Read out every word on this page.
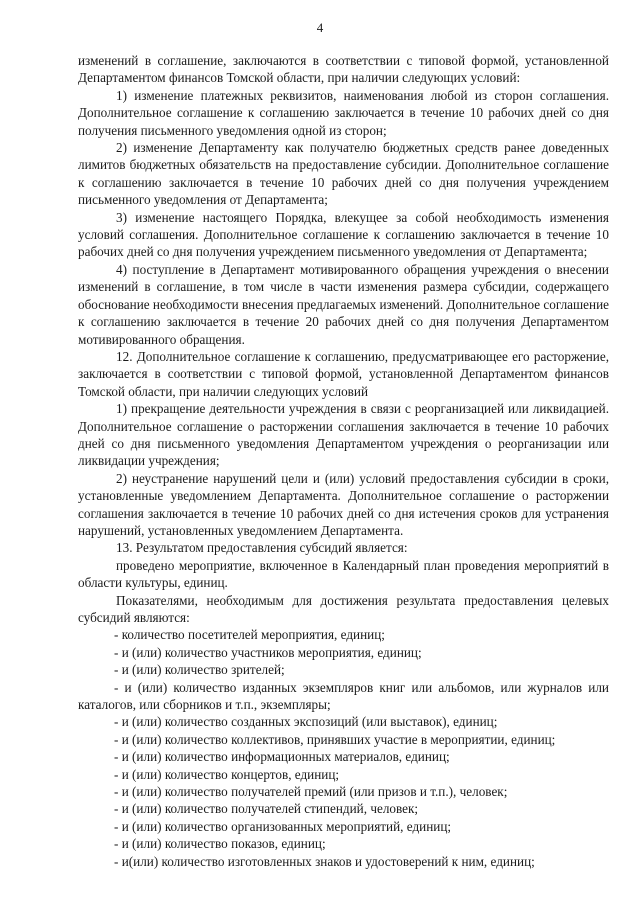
4

изменений в соглашение, заключаются в соответствии с типовой формой, установленной Департаментом финансов Томской области, при наличии следующих условий:

1) изменение платежных реквизитов, наименования любой из сторон соглашения. Дополнительное соглашение к соглашению заключается в течение 10 рабочих дней со дня получения письменного уведомления одной из сторон;

2) изменение Департаменту как получателю бюджетных средств ранее доведенных лимитов бюджетных обязательств на предоставление субсидии. Дополнительное соглашение к соглашению заключается в течение 10 рабочих дней со дня получения учреждением письменного уведомления от Департамента;

3) изменение настоящего Порядка, влекущее за собой необходимость изменения условий соглашения. Дополнительное соглашение к соглашению заключается в течение 10 рабочих дней со дня получения учреждением письменного уведомления от Департамента;

4) поступление в Департамент мотивированного обращения учреждения о внесении изменений в соглашение, в том числе в части изменения размера субсидии, содержащего обоснование необходимости внесения предлагаемых изменений. Дополнительное соглашение к соглашению заключается в течение 20 рабочих дней со дня получения Департаментом мотивированного обращения.

12. Дополнительное соглашение к соглашению, предусматривающее его расторжение, заключается в соответствии с типовой формой, установленной Департаментом финансов Томской области, при наличии следующих условий

1) прекращение деятельности учреждения в связи с реорганизацией или ликвидацией. Дополнительное соглашение о расторжении соглашения заключается в течение 10 рабочих дней со дня письменного уведомления Департаментом учреждения о реорганизации или ликвидации учреждения;

2) неустранение нарушений цели и (или) условий предоставления субсидии в сроки, установленные уведомлением Департамента. Дополнительное соглашение о расторжении соглашения заключается в течение 10 рабочих дней со дня истечения сроков для устранения нарушений, установленных уведомлением Департамента.

13. Результатом предоставления субсидий является:

проведено мероприятие, включенное в Календарный план проведения мероприятий в области культуры, единиц.

Показателями, необходимым для достижения результата предоставления целевых субсидий являются:

- количество посетителей мероприятия, единиц;

- и (или) количество участников мероприятия, единиц;

- и (или) количество зрителей;

- и (или) количество изданных экземпляров книг или альбомов, или журналов или каталогов, или сборников и т.п., экземпляры;

- и (или) количество созданных экспозиций (или выставок), единиц;

- и (или) количество коллективов, принявших участие в мероприятии, единиц;

- и (или) количество информационных материалов, единиц;

- и (или) количество концертов, единиц;

- и (или) количество получателей премий (или призов и т.п.), человек;

- и (или) количество получателей стипендий, человек;

- и (или) количество организованных мероприятий, единиц;

- и (или) количество показов, единиц;

- и(или) количество изготовленных знаков и удостоверений к ним, единиц;
